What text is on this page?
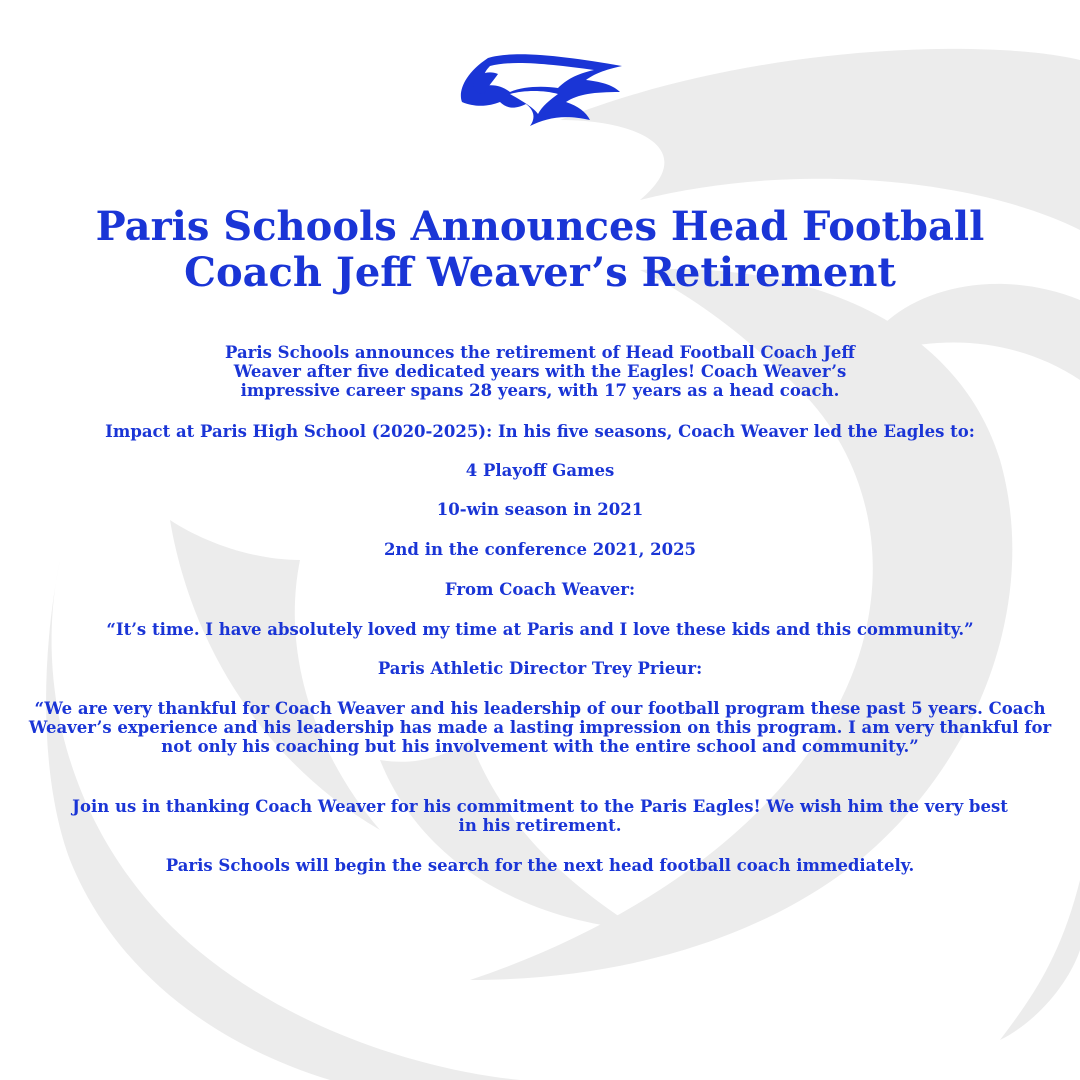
Paris Schools Announces Head Football
Coach Jeff Weaver’s Retirement

Paris Schools announces the retirement of Head Football Coach Jeff Weaver after five dedicated years with the Eagles! Coach Weaver’s impressive career spans 28 years, with 17 years as a head coach.

Impact at Paris High School (2020-2025): In his five seasons, Coach Weaver led the Eagles to:

4 Playoff Games

10-win season in 2021

2nd in the conference 2021, 2025

From Coach Weaver:

“It’s time. I have absolutely loved my time at Paris and I love these kids and this community.”

Paris Athletic Director Trey Prieur:

“We are very thankful for Coach Weaver and his leadership of our football program these past 5 years. Coach Weaver’s experience and his leadership has made a lasting impression on this program. I am very thankful for not only his coaching but his involvement with the entire school and community.”

Join us in thanking Coach Weaver for his commitment to the Paris Eagles! We wish him the very best in his retirement.

Paris Schools will begin the search for the next head football coach immediately.
